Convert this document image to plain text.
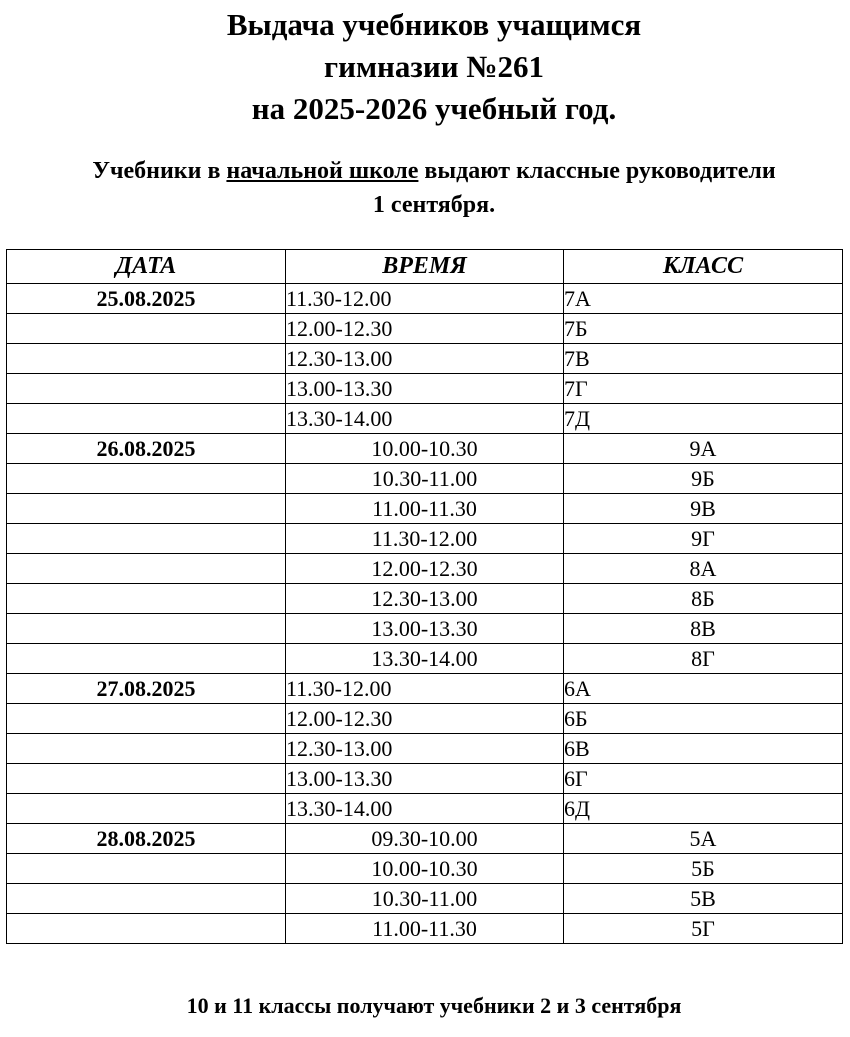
Выдача учебников учащимся
гимназии №261
на 2025-2026 учебный год.
Учебники в начальной школе выдают классные руководители
1 сентября.
ДАТА	ВРЕМЯ	КЛАСС
25.08.2025	11.30-12.00	7А
	12.00-12.30	7Б
	12.30-13.00	7В
	13.00-13.30	7Г
	13.30-14.00	7Д
26.08.2025	10.00-10.30	9А
	10.30-11.00	9Б
	11.00-11.30	9В
	11.30-12.00	9Г
	12.00-12.30	8А
	12.30-13.00	8Б
	13.00-13.30	8В
	13.30-14.00	8Г
27.08.2025	11.30-12.00	6А
	12.00-12.30	6Б
	12.30-13.00	6В
	13.00-13.30	6Г
	13.30-14.00	6Д
28.08.2025	09.30-10.00	5А
	10.00-10.30	5Б
	10.30-11.00	5В
	11.00-11.30	5Г
10 и 11 классы получают учебники 2 и 3 сентября
